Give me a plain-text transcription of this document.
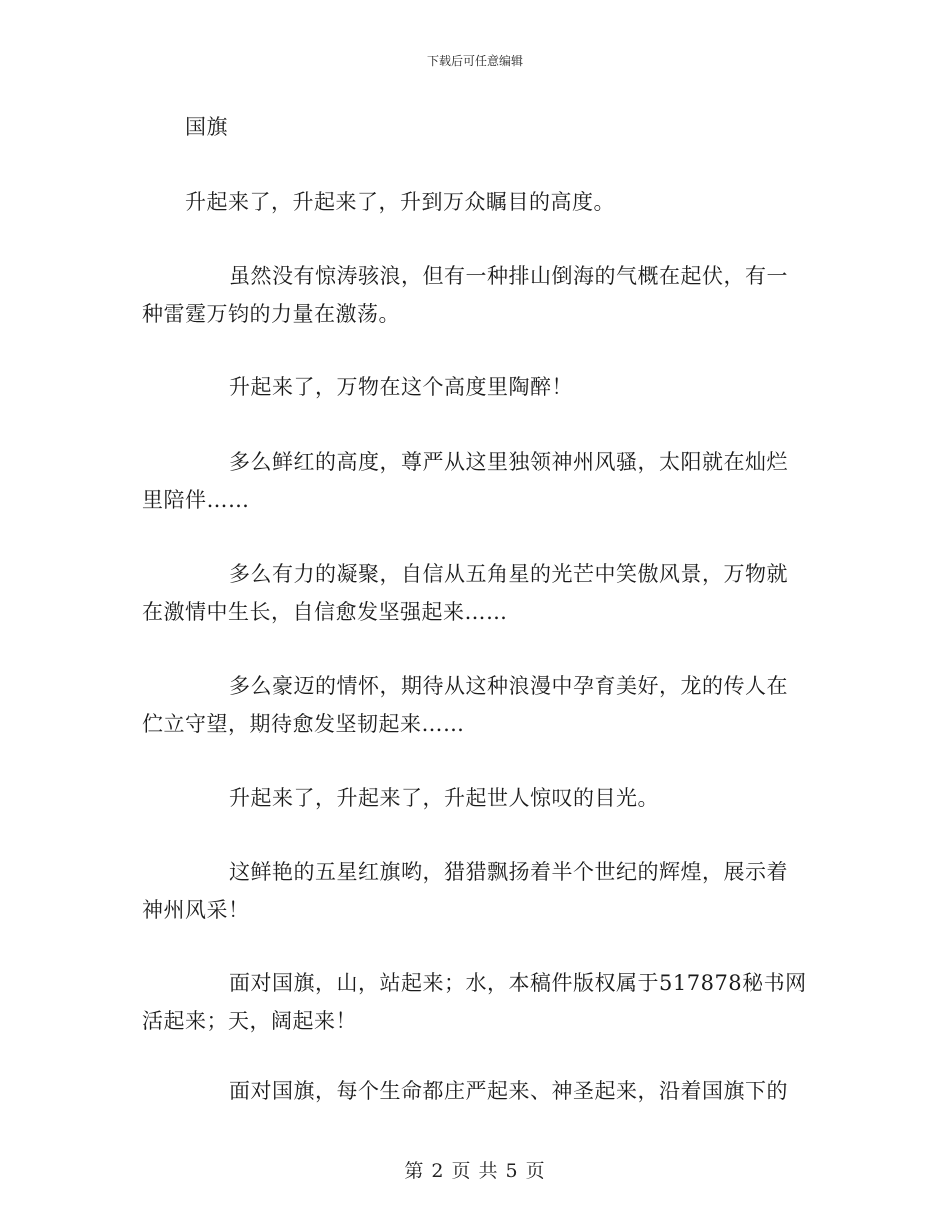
下载后可任意编辑
国旗
升起来了，升起来了，升到万众瞩目的高度。
虽然没有惊涛骇浪，但有一种排山倒海的气概在起伏，有一
种雷霆万钧的力量在激荡。
升起来了，万物在这个高度里陶醉！
多么鲜红的高度，尊严从这里独领神州风骚，太阳就在灿烂
里陪伴……
多么有力的凝聚，自信从五角星的光芒中笑傲风景，万物就
在激情中生长，自信愈发坚强起来……
多么豪迈的情怀，期待从这种浪漫中孕育美好，龙的传人在
伫立守望，期待愈发坚韧起来……
升起来了，升起来了，升起世人惊叹的目光。
这鲜艳的五星红旗哟，猎猎飘扬着半个世纪的辉煌，展示着
神州风采！
面对国旗，山，站起来；水，本稿件版权属于517878秘书网
活起来；天，阔起来！
面对国旗，每个生命都庄严起来、神圣起来，沿着国旗下的
第 2 页 共 5 页
